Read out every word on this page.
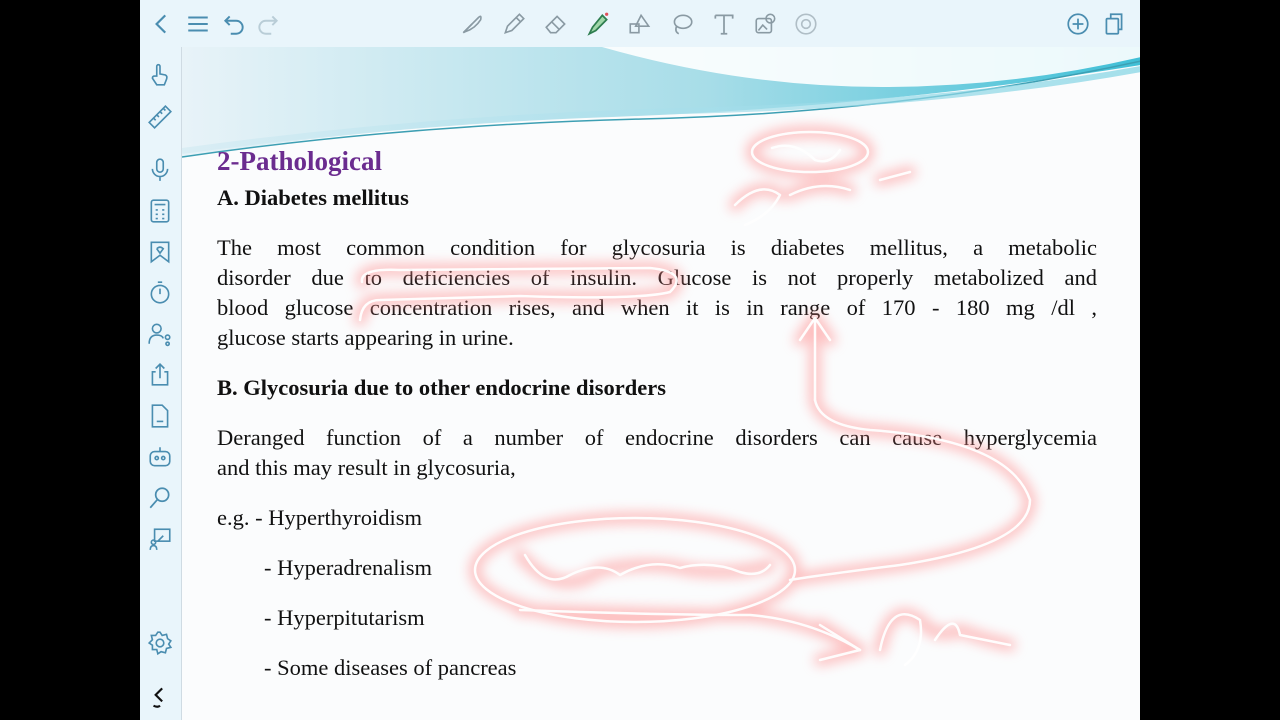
2-Pathological

A. Diabetes mellitus

The most common condition for glycosuria is diabetes mellitus, a metabolic
disorder due to deficiencies of insulin. Glucose is not properly metabolized and
blood glucose concentration rises, and when it is in range of 170 - 180 mg /dl ,
glucose starts appearing in urine.

B. Glycosuria due to other endocrine disorders

Deranged function of a number of endocrine disorders can cause hyperglycemia
and this may result in glycosuria,

e.g. - Hyperthyroidism

- Hyperadrenalism

- Hyperpitutarism

- Some diseases of pancreas
